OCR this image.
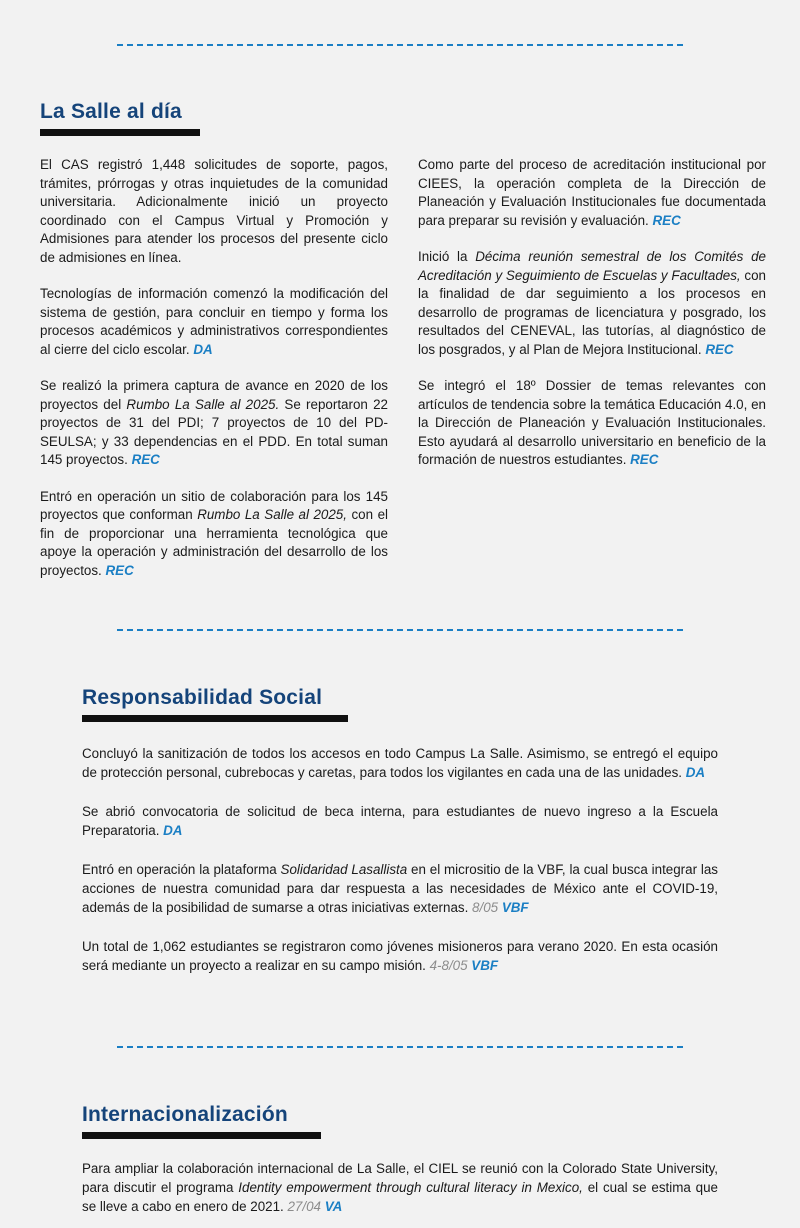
La Salle al día

El CAS registró 1,448 solicitudes de soporte, pagos, trámites, prórrogas y otras inquietudes de la comunidad universitaria. Adicionalmente inició un proyecto coordinado con el Campus Virtual y Promoción y Admisiones para atender los procesos del presente ciclo de admisiones en línea.

Tecnologías de información comenzó la modificación del sistema de gestión, para concluir en tiempo y forma los procesos académicos y administrativos correspondientes al cierre del ciclo escolar. DA

Se realizó la primera captura de avance en 2020 de los proyectos del Rumbo La Salle al 2025. Se reportaron 22 proyectos de 31 del PDI; 7 proyectos de 10 del PD-SEULSA; y 33 dependencias en el PDD. En total suman 145 proyectos. REC

Entró en operación un sitio de colaboración para los 145 proyectos que conforman Rumbo La Salle al 2025, con el fin de proporcionar una herramienta tecnológica que apoye la operación y administración del desarrollo de los proyectos. REC

Como parte del proceso de acreditación institucional por CIEES, la operación completa de la Dirección de Planeación y Evaluación Institucionales fue documentada para preparar su revisión y evaluación. REC

Inició la Décima reunión semestral de los Comités de Acreditación y Seguimiento de Escuelas y Facultades, con la finalidad de dar seguimiento a los procesos en desarrollo de programas de licenciatura y posgrado, los resultados del CENEVAL, las tutorías, al diagnóstico de los posgrados, y al Plan de Mejora Institucional. REC

Se integró el 18º Dossier de temas relevantes con artículos de tendencia sobre la temática Educación 4.0, en la Dirección de Planeación y Evaluación Institucionales. Esto ayudará al desarrollo universitario en beneficio de la formación de nuestros estudiantes. REC

Responsabilidad Social

Concluyó la sanitización de todos los accesos en todo Campus La Salle. Asimismo, se entregó el equipo de protección personal, cubrebocas y caretas, para todos los vigilantes en cada una de las unidades. DA

Se abrió convocatoria de solicitud de beca interna, para estudiantes de nuevo ingreso a la Escuela Preparatoria. DA

Entró en operación la plataforma Solidaridad Lasallista en el micrositio de la VBF, la cual busca integrar las acciones de nuestra comunidad para dar respuesta a las necesidades de México ante el COVID-19, además de la posibilidad de sumarse a otras iniciativas externas. 8/05 VBF

Un total de 1,062 estudiantes se registraron como jóvenes misioneros para verano 2020. En esta ocasión será mediante un proyecto a realizar en su campo misión. 4-8/05 VBF

Internacionalización

Para ampliar la colaboración internacional de La Salle, el CIEL se reunió con la Colorado State University, para discutir el programa Identity empowerment through cultural literacy in Mexico, el cual se estima que se lleve a cabo en enero de 2021. 27/04 VA
